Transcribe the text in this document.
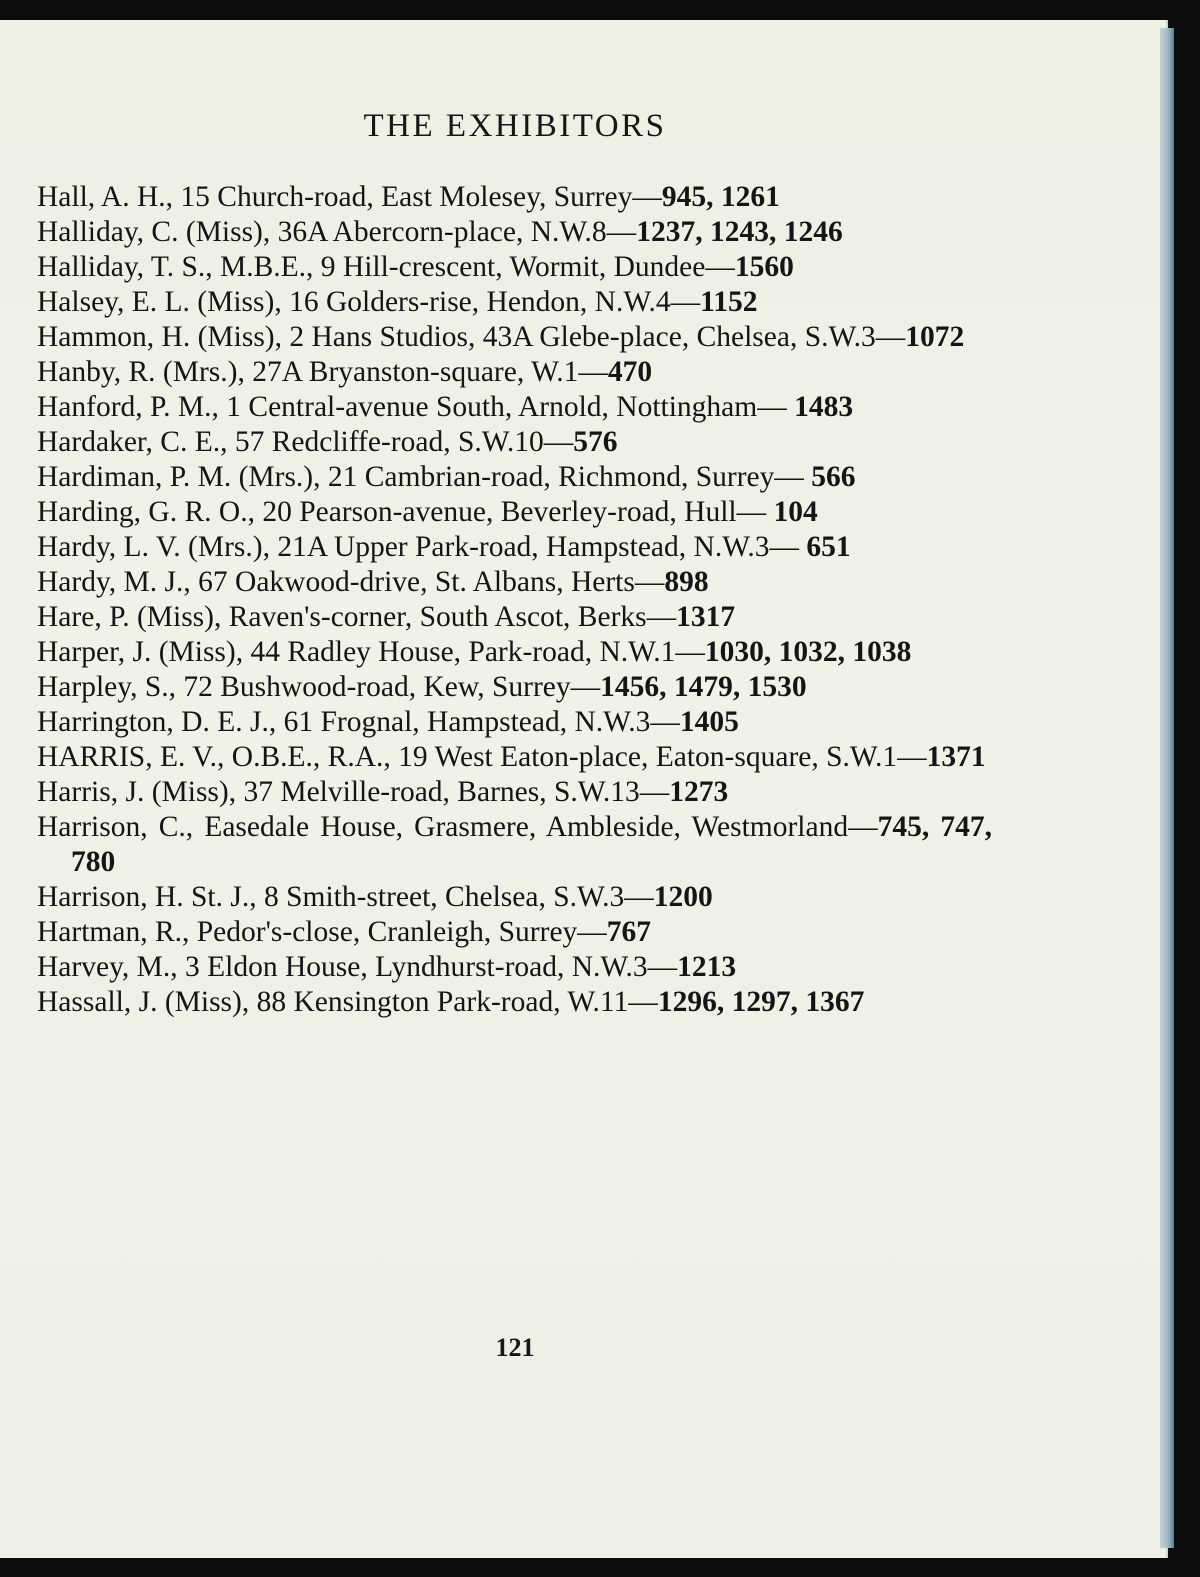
THE EXHIBITORS

Hall, A. H., 15 Church-road, East Molesey, Surrey—945, 1261

Halliday, C. (Miss), 36A Abercorn-place, N.W.8—1237, 1243, 1246

Halliday, T. S., M.B.E., 9 Hill-crescent, Wormit, Dundee—1560

Halsey, E. L. (Miss), 16 Golders-rise, Hendon, N.W.4—1152

Hammon, H. (Miss), 2 Hans Studios, 43A Glebe-place, Chelsea, S.W.3—1072

Hanby, R. (Mrs.), 27A Bryanston-square, W.1—470

Hanford, P. M., 1 Central-avenue South, Arnold, Nottingham— 1483

Hardaker, C. E., 57 Redcliffe-road, S.W.10—576

Hardiman, P. M. (Mrs.), 21 Cambrian-road, Richmond, Surrey— 566

Harding, G. R. O., 20 Pearson-avenue, Beverley-road, Hull— 104

Hardy, L. V. (Mrs.), 21A Upper Park-road, Hampstead, N.W.3— 651

Hardy, M. J., 67 Oakwood-drive, St. Albans, Herts—898

Hare, P. (Miss), Raven's-corner, South Ascot, Berks—1317

Harper, J. (Miss), 44 Radley House, Park-road, N.W.1—1030, 1032, 1038

Harpley, S., 72 Bushwood-road, Kew, Surrey—1456, 1479, 1530

Harrington, D. E. J., 61 Frognal, Hampstead, N.W.3—1405

HARRIS, E. V., O.B.E., R.A., 19 West Eaton-place, Eaton-square, S.W.1—1371

Harris, J. (Miss), 37 Melville-road, Barnes, S.W.13—1273

Harrison, C., Easedale House, Grasmere, Ambleside, Westmorland—745, 747, 780

Harrison, H. St. J., 8 Smith-street, Chelsea, S.W.3—1200

Hartman, R., Pedor's-close, Cranleigh, Surrey—767

Harvey, M., 3 Eldon House, Lyndhurst-road, N.W.3—1213

Hassall, J. (Miss), 88 Kensington Park-road, W.11—1296, 1297, 1367

121
